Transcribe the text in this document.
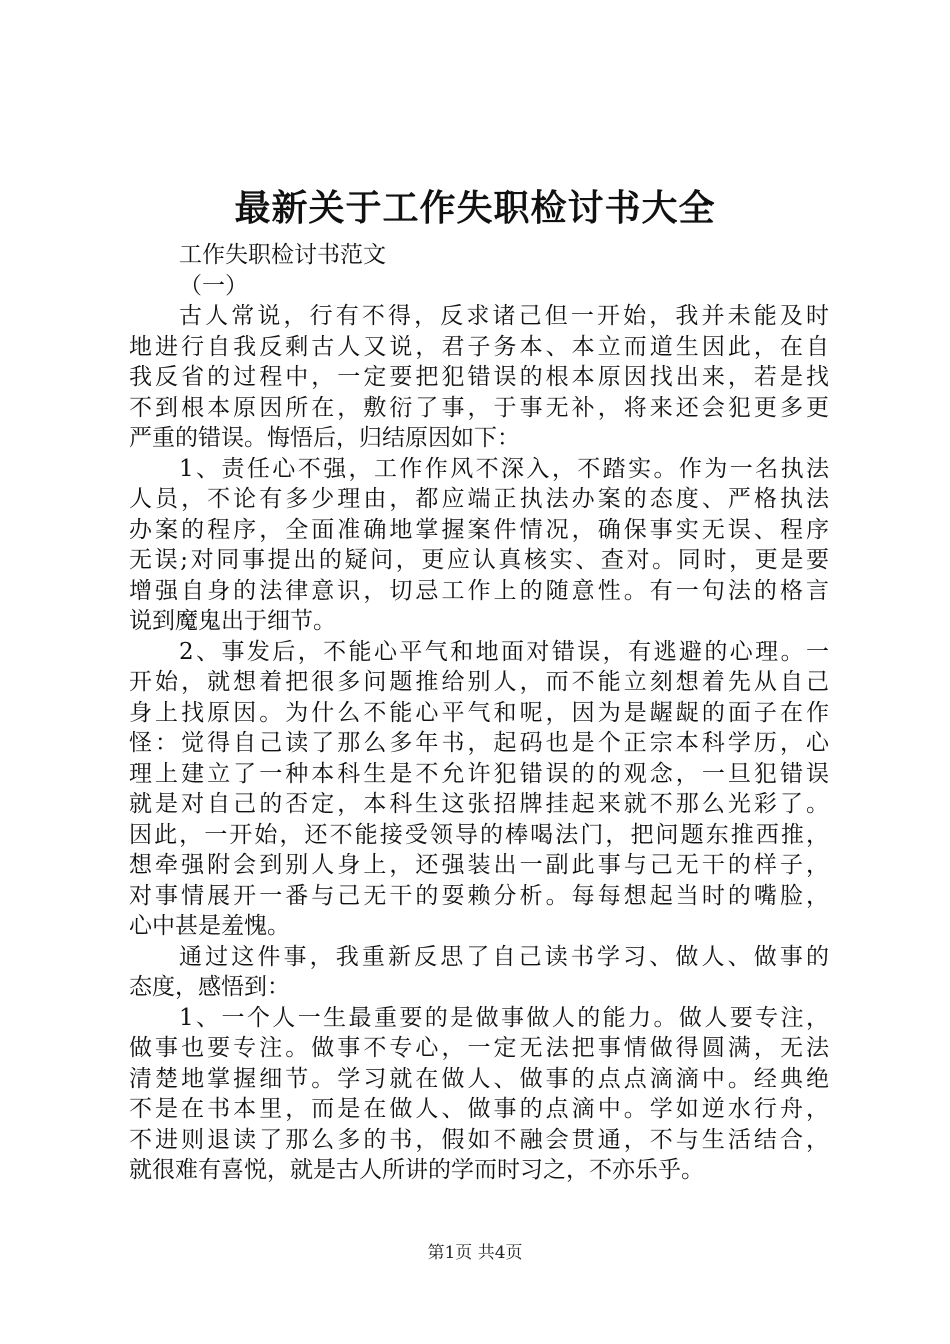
最新关于工作失职检讨书大全
工作失职检讨书范文
（一）
古人常说，行有不得，反求诸己但一开始，我并未能及时
地进行自我反剩古人又说，君子务本、本立而道生因此，在自
我反省的过程中，一定要把犯错误的根本原因找出来，若是找
不到根本原因所在，敷衍了事，于事无补，将来还会犯更多更
严重的错误。悔悟后，归结原因如下：
1、责任心不强，工作作风不深入，不踏实。作为一名执法
人员，不论有多少理由，都应端正执法办案的态度、严格执法
办案的程序，全面准确地掌握案件情况，确保事实无误、程序
无误;对同事提出的疑问，更应认真核实、查对。同时，更是要
增强自身的法律意识，切忌工作上的随意性。有一句法的格言
说到魔鬼出于细节。
2、事发后，不能心平气和地面对错误，有逃避的心理。一
开始，就想着把很多问题推给别人，而不能立刻想着先从自己
身上找原因。为什么不能心平气和呢，因为是龌龊的面子在作
怪：觉得自己读了那么多年书，起码也是个正宗本科学历，心
理上建立了一种本科生是不允许犯错误的的观念，一旦犯错误
就是对自己的否定，本科生这张招牌挂起来就不那么光彩了。
因此，一开始，还不能接受领导的棒喝法门，把问题东推西推，
想牵强附会到别人身上，还强装出一副此事与己无干的样子，
对事情展开一番与己无干的耍赖分析。每每想起当时的嘴脸，
心中甚是羞愧。
通过这件事，我重新反思了自己读书学习、做人、做事的
态度，感悟到：
1、一个人一生最重要的是做事做人的能力。做人要专注，
做事也要专注。做事不专心，一定无法把事情做得圆满，无法
清楚地掌握细节。学习就在做人、做事的点点滴滴中。经典绝
不是在书本里，而是在做人、做事的点滴中。学如逆水行舟，
不进则退读了那么多的书，假如不融会贯通，不与生活结合，
就很难有喜悦，就是古人所讲的学而时习之，不亦乐乎。
第1页 共4页
